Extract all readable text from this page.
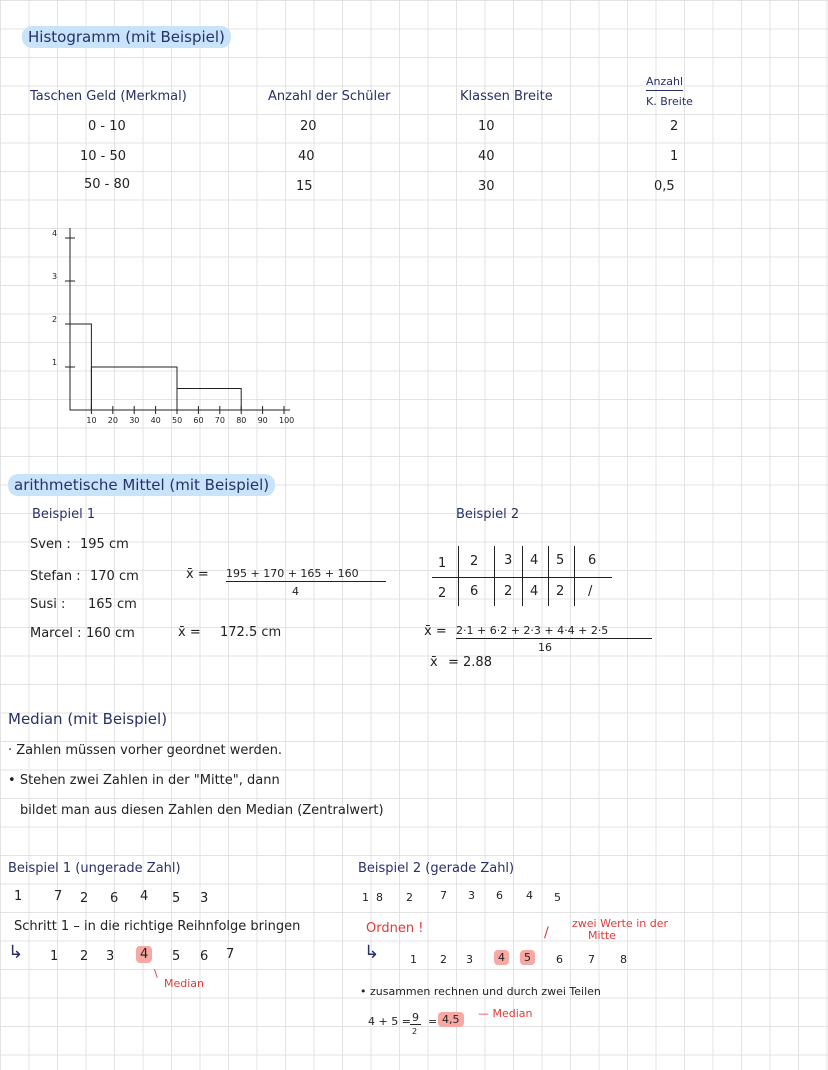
Histogramm (mit Beispiel)
Taschen Geld (Merkmal)	Anzahl der Schüler	Klassen Breite
Anzahl
K. Breite
0 - 10	20	10	2
10 - 50	40	40	1
50 - 80	15	30	0,5
10 20 30 40 50 60 70 80 90 100
1
2
3
4
arithmetische Mittel (mit Beispiel)
Beispiel 1
Sven : 195 cm
Stefan : 170 cm
Susi : 165 cm
Marcel : 160 cm
x̄ = 195 + 170 + 165 + 160
4
x̄ = 172.5 cm
Beispiel 2
1 2 3 4 5 6
2 6 2 4 2 /
x̄ = 2·1 + 6·2 + 2·3 + 4·4 + 2·5
16
x̄ = 2.88
Median (mit Beispiel)
· Zahlen müssen vorher geordnet werden.
• Stehen zwei Zahlen in der "Mitte", dann
bildet man aus diesen Zahlen den Median (Zentralwert)
Beispiel 1 (ungerade Zahl)
1 7 2 6 4 5 3
Schritt 1 – in die richtige Reihnfolge bringen
↳ 1 2 3	4	5 6 7
\
Median
Beispiel 2 (gerade Zahl)
1 8 2 7 3 6 4 5
Ordnen !	/
zwei Werte in der
Mitte
↳	1 2 3	4	5	6 7 8
• zusammen rechnen und durch zwei Teilen
4 + 5 = 9
2
= 4,5	— Median
